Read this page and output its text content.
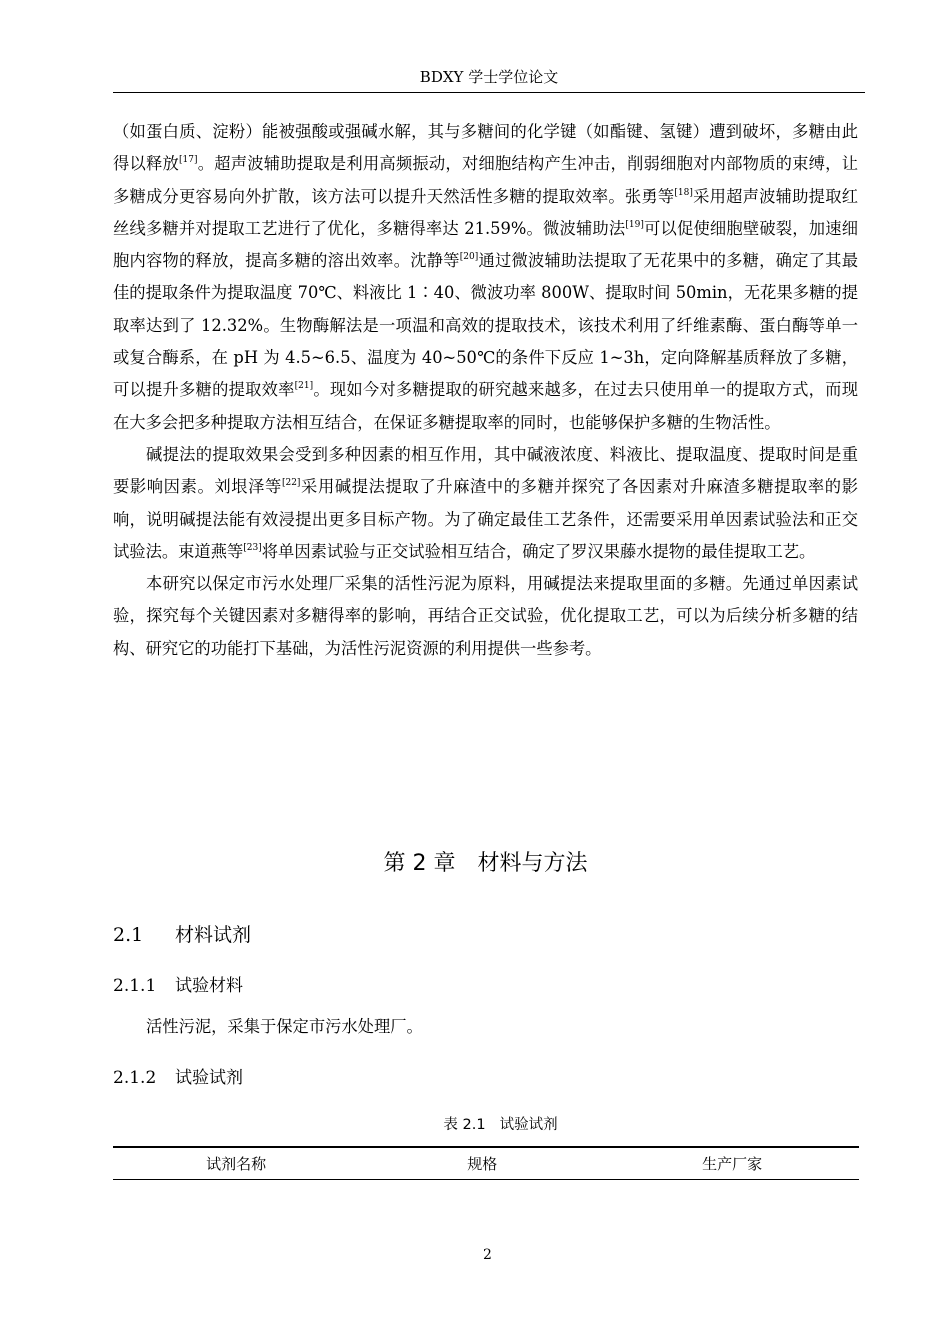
BDXY 学士学位论文

（如蛋白质、淀粉）能被强酸或强碱水解，其与多糖间的化学键（如酯键、氢键）遭到破坏，多糖由此得以释放[17]。超声波辅助提取是利用高频振动，对细胞结构产生冲击，削弱细胞对内部物质的束缚，让多糖成分更容易向外扩散，该方法可以提升天然活性多糖的提取效率。张勇等[18]采用超声波辅助提取红丝线多糖并对提取工艺进行了优化，多糖得率达 21.59%。微波辅助法[19]可以促使细胞壁破裂，加速细胞内容物的释放，提高多糖的溶出效率。沈静等[20]通过微波辅助法提取了无花果中的多糖，确定了其最佳的提取条件为提取温度 70℃、料液比 1∶40、微波功率 800W、提取时间 50min，无花果多糖的提取率达到了 12.32%。生物酶解法是一项温和高效的提取技术，该技术利用了纤维素酶、蛋白酶等单一或复合酶系，在 pH 为 4.5~6.5、温度为 40~50℃的条件下反应 1~3h，定向降解基质释放了多糖，可以提升多糖的提取效率[21]。现如今对多糖提取的研究越来越多，在过去只使用单一的提取方式，而现在大多会把多种提取方法相互结合，在保证多糖提取率的同时，也能够保护多糖的生物活性。

碱提法的提取效果会受到多种因素的相互作用，其中碱液浓度、料液比、提取温度、提取时间是重要影响因素。刘垠泽等[22]采用碱提法提取了升麻渣中的多糖并探究了各因素对升麻渣多糖提取率的影响，说明碱提法能有效浸提出更多目标产物。为了确定最佳工艺条件，还需要采用单因素试验法和正交试验法。束道燕等[23]将单因素试验与正交试验相互结合，确定了罗汉果藤水提物的最佳提取工艺。

本研究以保定市污水处理厂采集的活性污泥为原料，用碱提法来提取里面的多糖。先通过单因素试验，探究每个关键因素对多糖得率的影响，再结合正交试验，优化提取工艺，可以为后续分析多糖的结构、研究它的功能打下基础，为活性污泥资源的利用提供一些参考。

第 2 章　材料与方法
2.1 材料试剂
2.1.1 试验材料
活性污泥，采集于保定市污水处理厂。
2.1.2 试验试剂
表 2.1 试验试剂
试剂名称	规格	生产厂家
2
